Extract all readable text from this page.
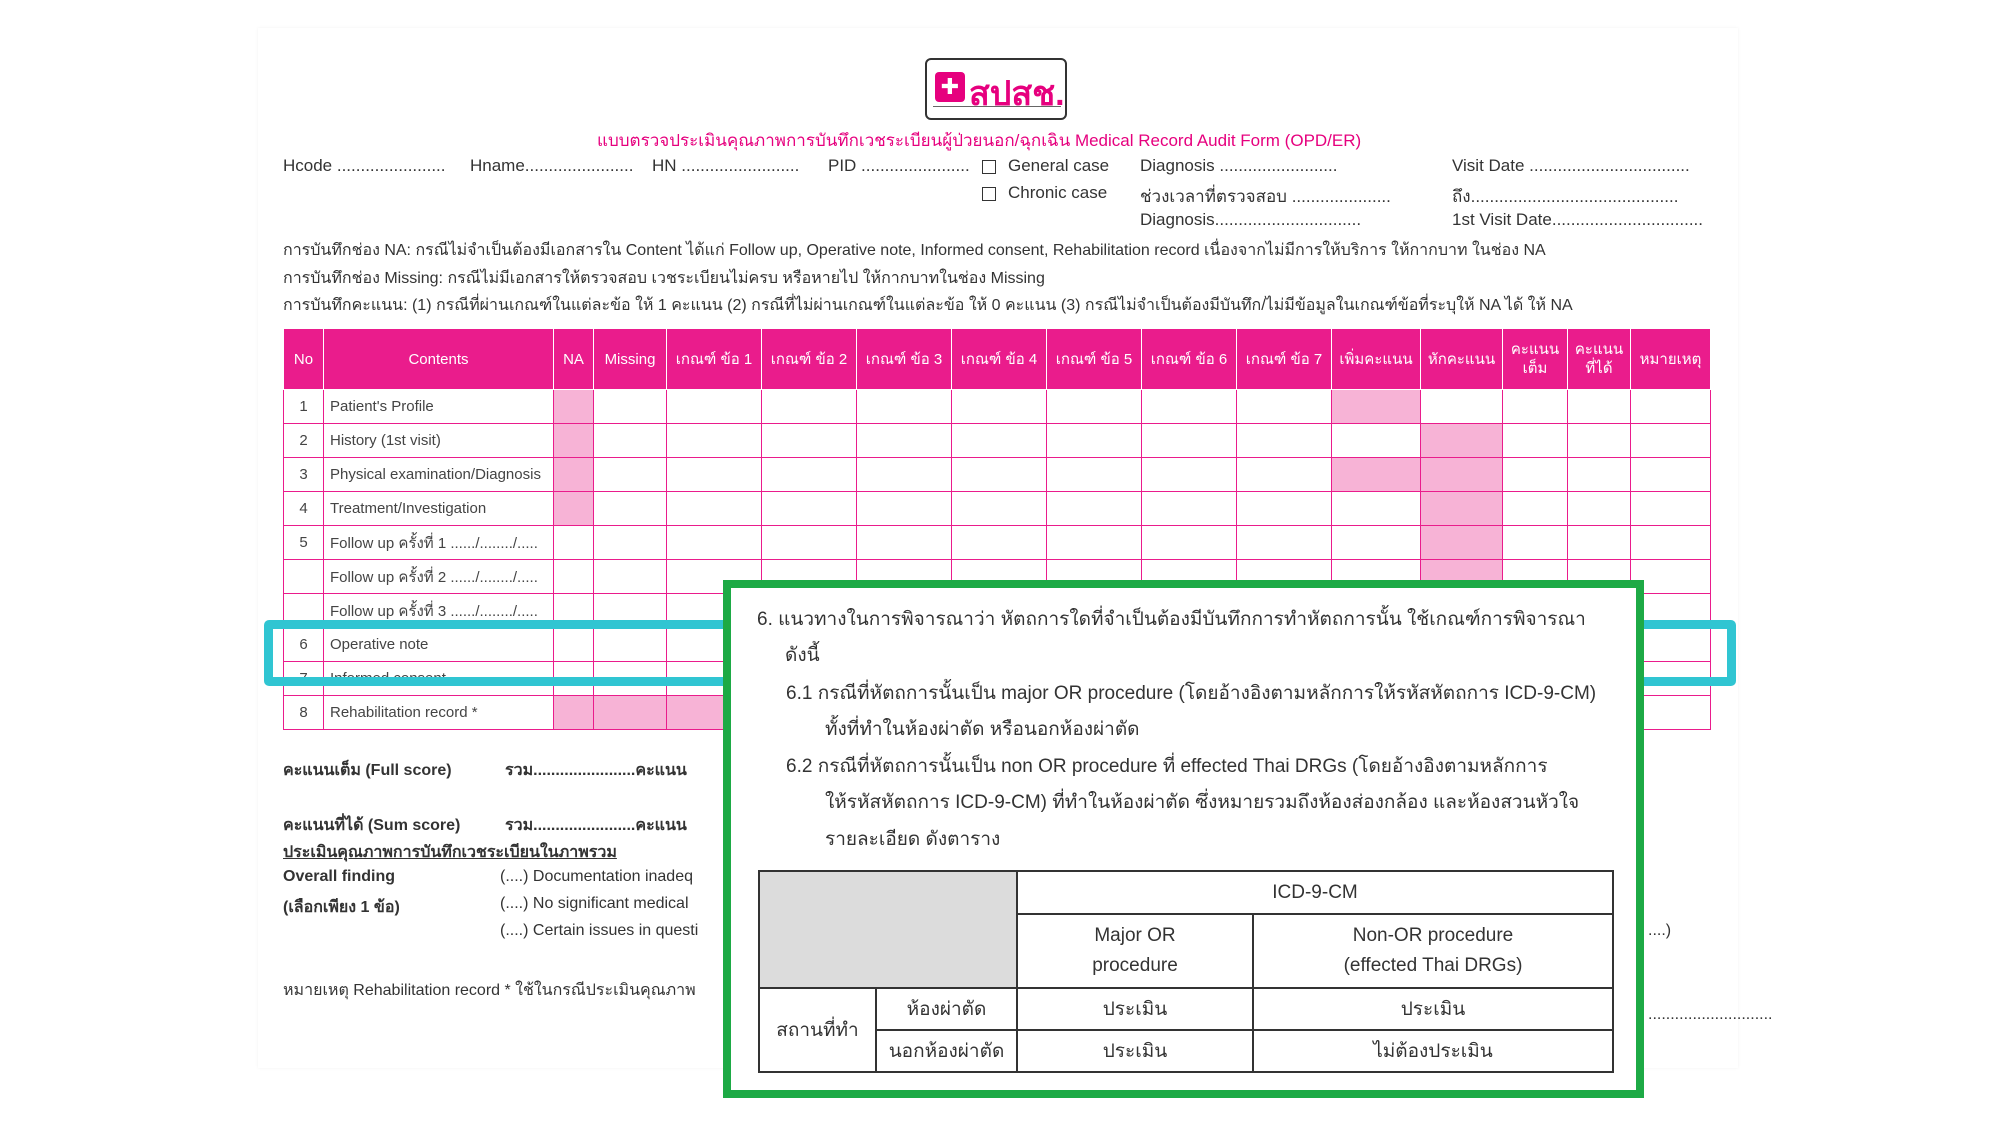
✚ สปสช.
แบบตรวจประเมินคุณภาพการบันทึกเวชระเบียนผู้ป่วยนอก/ฉุกเฉิน Medical Record Audit Form (OPD/ER)
Hcode ....................... Hname....................... HN ......................... PID .......................	General case
Chronic case
Diagnosis .........................
ช่วงเวลาที่ตรวจสอบ .....................
Diagnosis...............................
Visit Date ..................................
ถึง............................................
1st Visit Date................................
การบันทึกช่อง NA: กรณีไม่จำเป็นต้องมีเอกสารใน Content ได้แก่ Follow up, Operative note, Informed consent, Rehabilitation record เนื่องจากไม่มีการให้บริการ ให้กากบาท ในช่อง NA
การบันทึกช่อง Missing: กรณีไม่มีเอกสารให้ตรวจสอบ เวชระเบียนไม่ครบ หรือหายไป ให้กากบาทในช่อง Missing
การบันทึกคะแนน: (1) กรณีที่ผ่านเกณฑ์ในแต่ละข้อ ให้ 1 คะแนน (2) กรณีที่ไม่ผ่านเกณฑ์ในแต่ละข้อ ให้ 0 คะแนน (3) กรณีไม่จำเป็นต้องมีบันทึก/ไม่มีข้อมูลในเกณฑ์ข้อที่ระบุให้ NA ได้ ให้ NA
No	Contents	NA	Missing	เกณฑ์ ข้อ 1	เกณฑ์ ข้อ 2	เกณฑ์ ข้อ 3	เกณฑ์ ข้อ 4	เกณฑ์ ข้อ 5	เกณฑ์ ข้อ 6	เกณฑ์ ข้อ 7	เพิ่มคะแนน	หักคะแนน	คะแนน เต็ม	คะแนน ที่ได้	หมายเหตุ
1	Patient's Profile														
2	History (1st visit)														
3	Physical examination/Diagnosis														
4	Treatment/Investigation														
5	Follow up ครั้งที่ 1 ....../......../.....														
	Follow up ครั้งที่ 2 ....../......../.....														
	Follow up ครั้งที่ 3 ....../......../.....														
6	Operative note														
7	Informed consent														
8	Rehabilitation record *														
คะแนนเต็ม (Full score)	รวม.......................คะแนน
คะแนนที่ได้ (Sum score)	รวม.......................คะแนน
ประเมินคุณภาพการบันทึกเวชระเบียนในภาพรวม
Overall finding
(เลือกเพียง 1 ข้อ)
(....) Documentation inadeq
(....) No significant medical
(....) Certain issues in questi	....)
หมายเหตุ Rehabilitation record * ใช้ในกรณีประเมินคุณภาพ
............................
6. แนวทางในการพิจารณาว่า หัตถการใดที่จำเป็นต้องมีบันทึกการทำหัตถการนั้น ใช้เกณฑ์การพิจารณา
ดังนี้
6.1 กรณีที่หัตถการนั้นเป็น major OR procedure (โดยอ้างอิงตามหลักการให้รหัสหัตถการ ICD-9-CM)
ทั้งที่ทำในห้องผ่าตัด หรือนอกห้องผ่าตัด
6.2 กรณีที่หัตถการนั้นเป็น non OR procedure ที่ effected Thai DRGs (โดยอ้างอิงตามหลักการ
ให้รหัสหัตถการ ICD-9-CM) ที่ทำในห้องผ่าตัด ซึ่งหมายรวมถึงห้องส่องกล้อง และห้องสวนหัวใจ
รายละเอียด ดังตาราง
		ICD-9-CM	
		Major OR procedure	Non-OR procedure (effected Thai DRGs)
สถานที่ทำ	ห้องผ่าตัด	ประเมิน	ประเมิน
	นอกห้องผ่าตัด	ประเมิน	ไม่ต้องประเมิน
